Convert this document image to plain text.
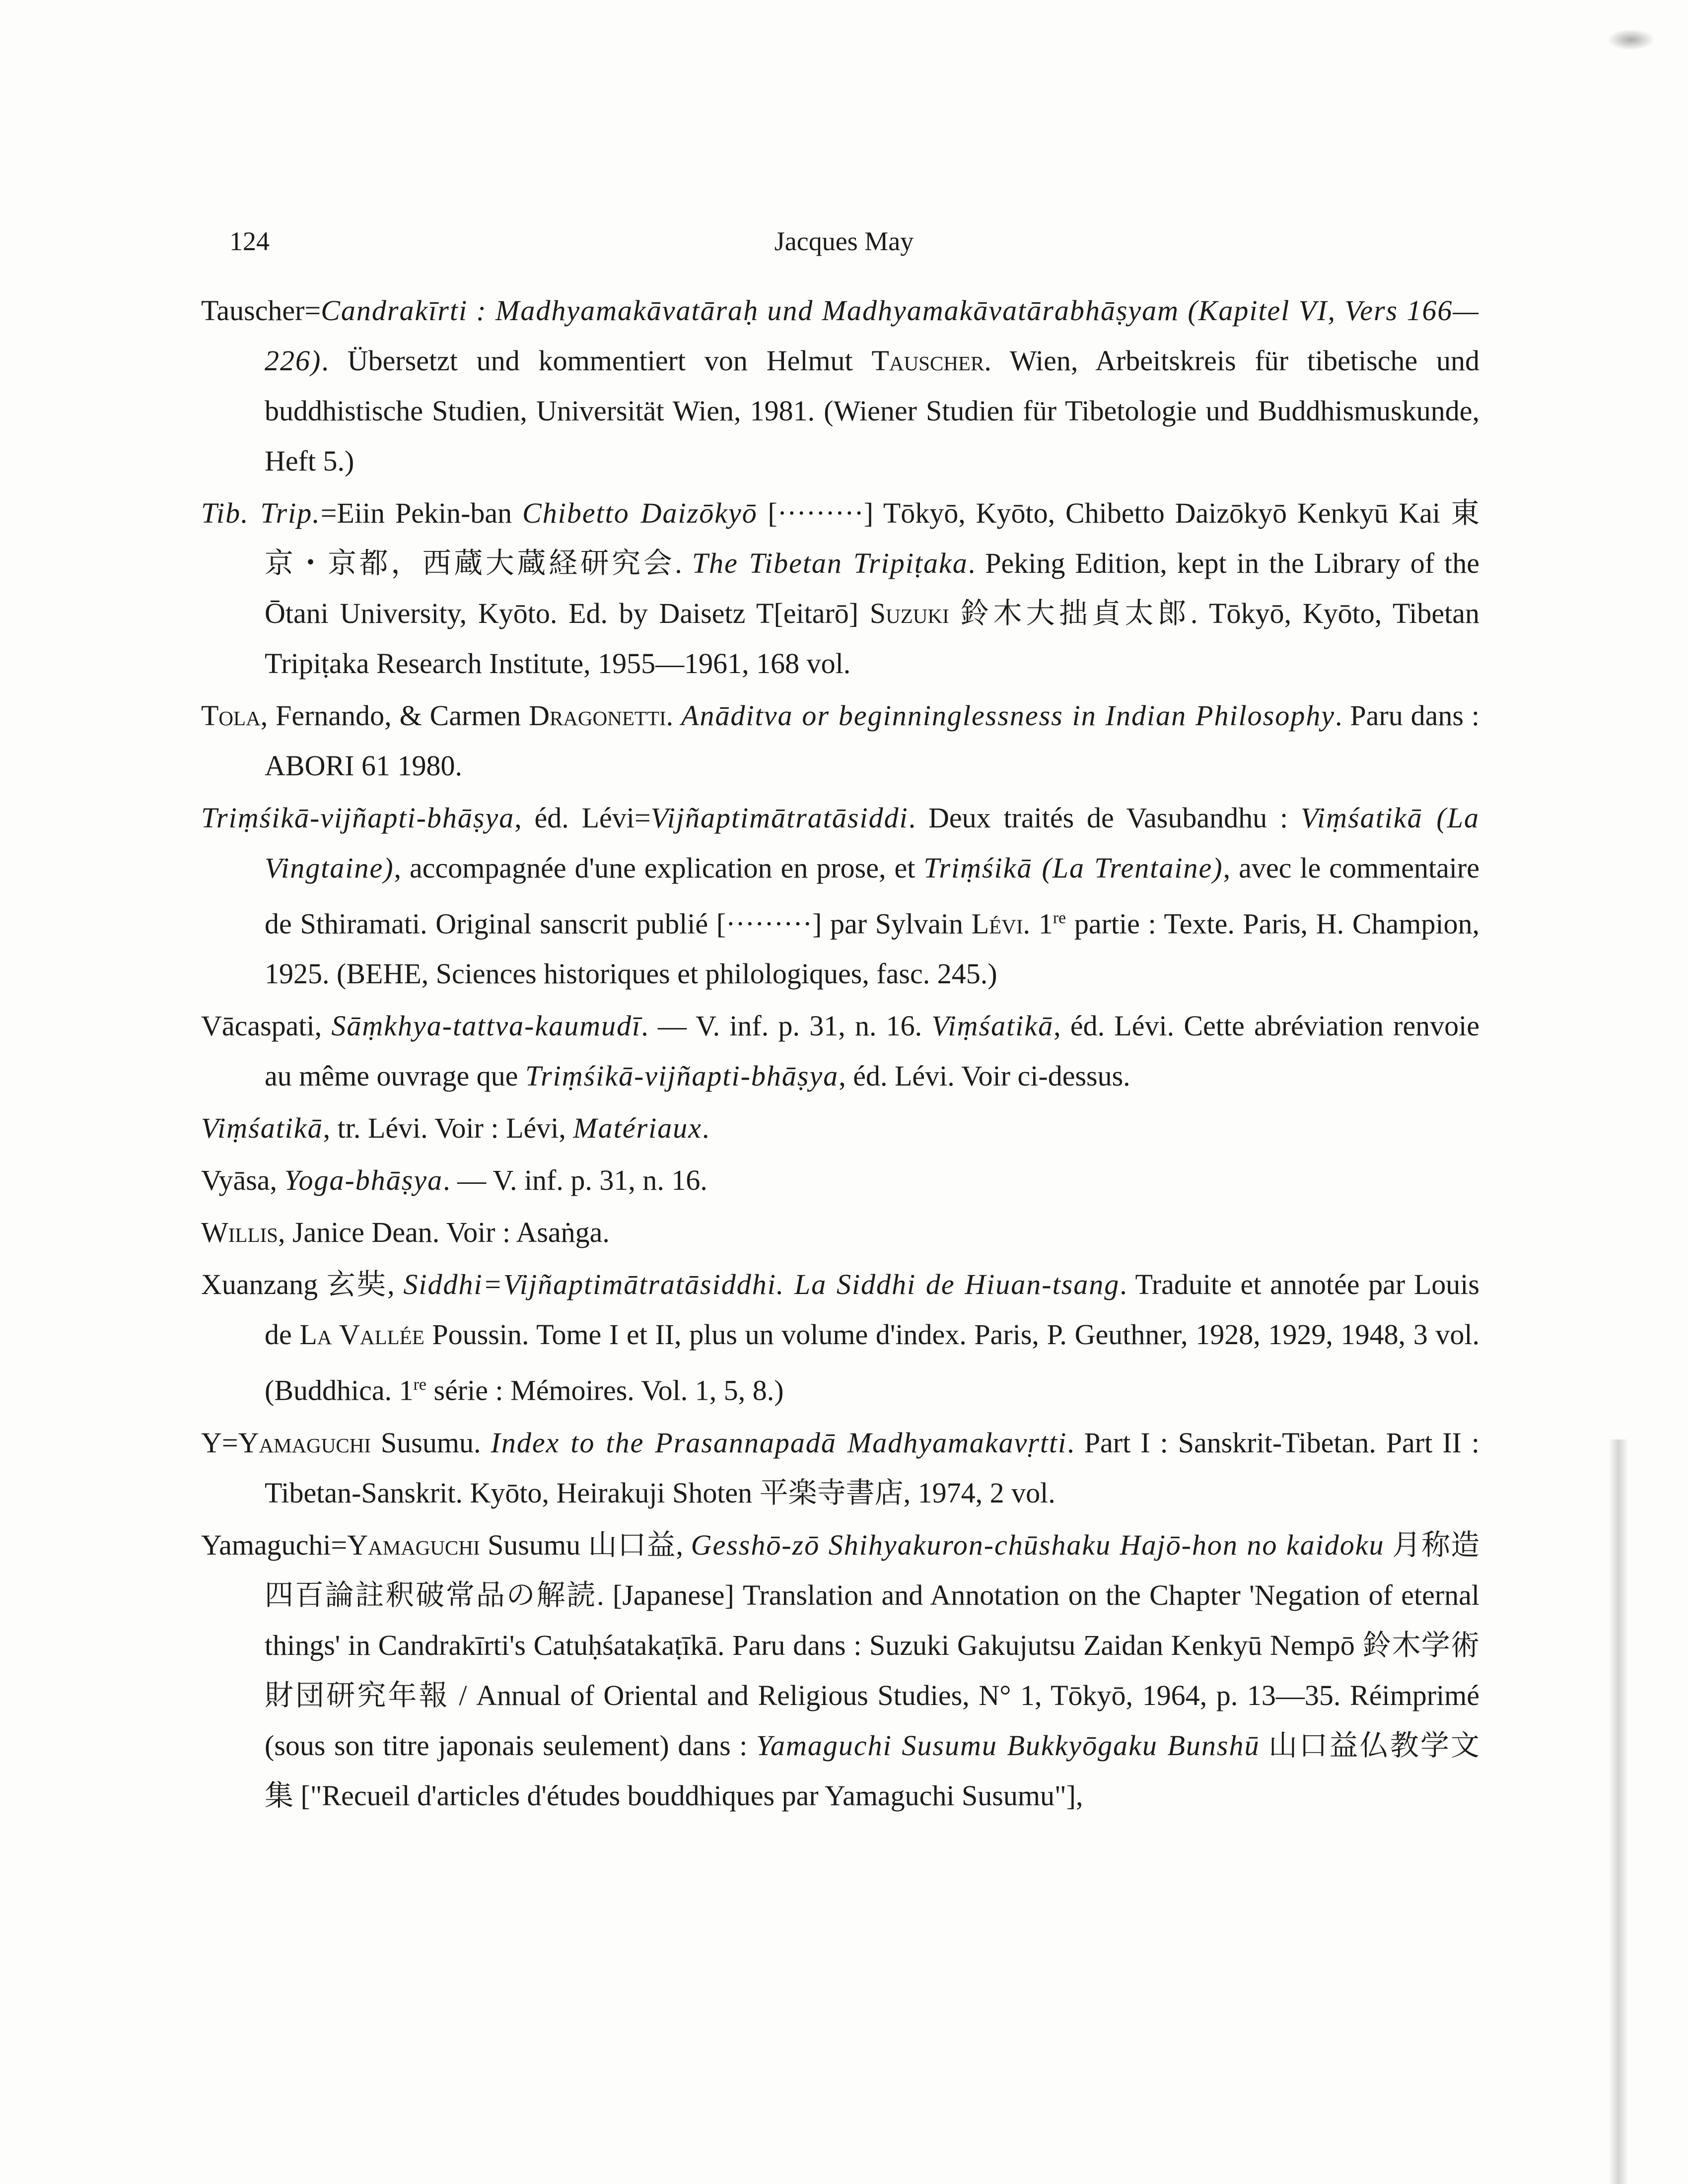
124	Jacques May

Tauscher=Candrakīrti : Madhyamakāvatāraḥ und Madhyamakāvatārabhāṣyam (Kapitel VI, Vers 166—226). Übersetzt und kommentiert von Helmut Tauscher. Wien, Arbeitskreis für tibetische und buddhistische Studien, Universität Wien, 1981. (Wiener Studien für Tibetologie und Buddhismuskunde, Heft 5.)

Tib. Trip.=Eiin Pekin-ban Chibetto Daizōkyō [·········] Tōkyō, Kyōto, Chibetto Daizōkyō Kenkyū Kai 東京・京都，西蔵大蔵経研究会. The Tibetan Tripiṭaka. Peking Edition, kept in the Library of the Ōtani University, Kyōto. Ed. by Daisetz T[eitarō] Suzuki 鈴木大拙貞太郎. Tōkyō, Kyōto, Tibetan Tripiṭaka Research Institute, 1955—1961, 168 vol.

Tola, Fernando, & Carmen Dragonetti. Anāditva or beginninglessness in Indian Philosophy. Paru dans : ABORI 61 1980.

Triṃśikā-vijñapti-bhāṣya, éd. Lévi=Vijñaptimātratāsiddi. Deux traités de Vasubandhu : Viṃśatikā (La Vingtaine), accompagnée d'une explication en prose, et Triṃśikā (La Trentaine), avec le commentaire de Sthiramati. Original sanscrit publié [·········] par Sylvain Lévi. 1re partie : Texte. Paris, H. Champion, 1925. (BEHE, Sciences historiques et philologiques, fasc. 245.)

Vācaspati, Sāṃkhya-tattva-kaumudī. — V. inf. p. 31, n. 16. Viṃśatikā, éd. Lévi. Cette abréviation renvoie au même ouvrage que Triṃśikā-vijñapti-bhāṣya, éd. Lévi. Voir ci-dessus.

Viṃśatikā, tr. Lévi. Voir : Lévi, Matériaux.

Vyāsa, Yoga-bhāṣya. — V. inf. p. 31, n. 16.

Willis, Janice Dean. Voir : Asaṅga.

Xuanzang 玄奘, Siddhi=Vijñaptimātratāsiddhi. La Siddhi de Hiuan-tsang. Traduite et annotée par Louis de La Vallée Poussin. Tome I et II, plus un volume d'index. Paris, P. Geuthner, 1928, 1929, 1948, 3 vol. (Buddhica. 1re série : Mémoires. Vol. 1, 5, 8.)

Y=Yamaguchi Susumu. Index to the Prasannapadā Madhyamakavṛtti. Part I : Sanskrit-Tibetan. Part II : Tibetan-Sanskrit. Kyōto, Heirakuji Shoten 平楽寺書店, 1974, 2 vol.

Yamaguchi=Yamaguchi Susumu 山口益, Gesshō-zō Shihyakuron-chūshaku Hajō-hon no kaidoku 月称造四百論註釈破常品の解読. [Japanese] Translation and Annotation on the Chapter 'Negation of eternal things' in Candrakīrti's Catuḥśatakaṭīkā. Paru dans : Suzuki Gakujutsu Zaidan Kenkyū Nempō 鈴木学術財団研究年報 / Annual of Oriental and Religious Studies, N° 1, Tōkyō, 1964, p. 13—35. Réimprimé (sous son titre japonais seulement) dans : Yamaguchi Susumu Bukkyōgaku Bunshū 山口益仏教学文集 ["Recueil d'articles d'études bouddhiques par Yamaguchi Susumu"],
